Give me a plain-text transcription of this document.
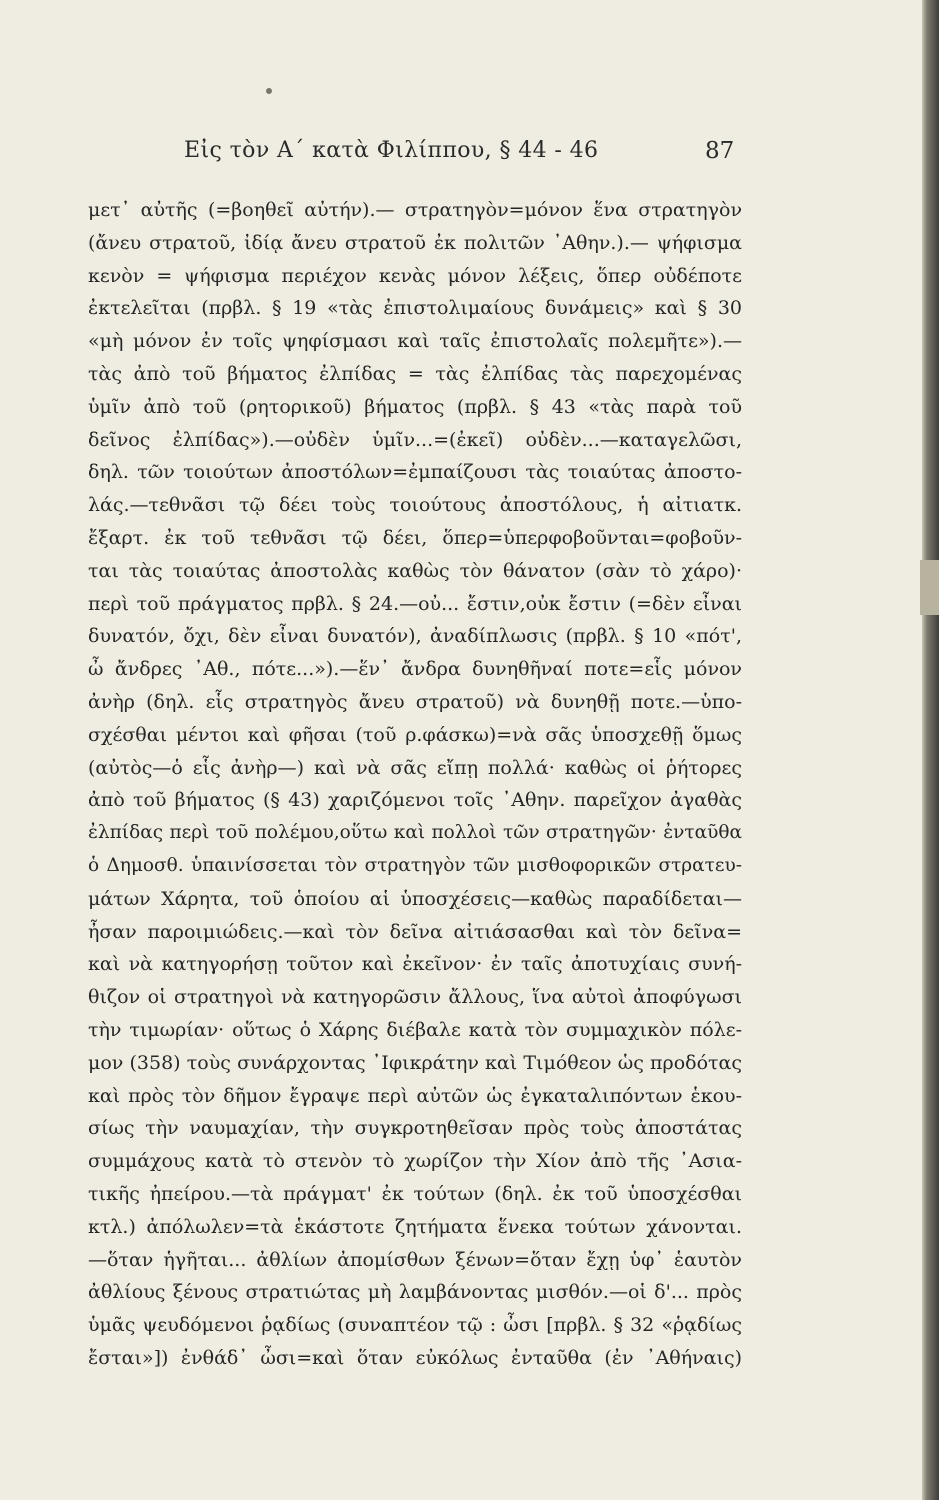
Εἰς τὸν Α΄ κατὰ Φιλίππου, § 44 - 46	87
μετ᾽ αὐτῆς (=βοηθεῖ αὐτήν).— στρατηγὸν=μόνον ἕνα στρατηγὸν
(ἄνευ στρατοῦ, ἰδίᾳ ἄνευ στρατοῦ ἐκ πολιτῶν ᾽Αθην.).— ψήφισμα
κενὸν = ψήφισμα περιέχον κενὰς μόνον λέξεις, ὅπερ οὐδέποτε
ἐκτελεῖται (πρβλ. § 19 «τὰς ἐπιστολιμαίους δυνάμεις» καὶ § 30
«μὴ μόνον ἐν τοῖς ψηφίσμασι καὶ ταῖς ἐπιστολαῖς πολεμῆτε»).—
τὰς ἀπὸ τοῦ βήματος ἐλπίδας = τὰς ἐλπίδας τὰς παρεχομένας
ὑμῖν ἀπὸ τοῦ (ρητορικοῦ) βήματος (πρβλ. § 43 «τὰς παρὰ τοῦ
δεῖνος ἐλπίδας»).—οὐδὲν ὑμῖν...=(ἐκεῖ) οὐδὲν...—καταγελῶσι,
δηλ. τῶν τοιούτων ἀποστόλων=ἐμπαίζουσι τὰς τοιαύτας ἀποστο-
λάς.—τεθνᾶσι τῷ δέει τοὺς τοιούτους ἀποστόλους, ἡ αἰτιατκ.
ἔξαρτ. ἐκ τοῦ τεθνᾶσι τῷ δέει, ὅπερ=ὑπερφοβοῦνται=φοβοῦν-
ται τὰς τοιαύτας ἀποστολὰς καθὼς τὸν θάνατον (σὰν τὸ χάρο)·
περὶ τοῦ πράγματος πρβλ. § 24.—οὐ... ἔστιν,οὐκ ἔστιν (=δὲν εἶναι
δυνατόν, ὄχι, δὲν εἶναι δυνατόν), ἀναδίπλωσις (πρβλ. § 10 «πότ',
ὦ ἄνδρες ᾽Αθ., πότε...»).—ἕν᾽ ἄνδρα δυνηθῆναί ποτε=εἷς μόνον
ἀνὴρ (δηλ. εἷς στρατηγὸς ἄνευ στρατοῦ) νὰ δυνηθῇ ποτε.—ὑπο-
σχέσθαι μέντοι καὶ φῆσαι (τοῦ ρ.φάσκω)=νὰ σᾶς ὑποσχεθῇ ὅμως
(αὐτὸς—ὁ εἷς ἀνὴρ—) καὶ νὰ σᾶς εἴπῃ πολλά· καθὼς οἱ ῥήτορες
ἀπὸ τοῦ βήματος (§ 43) χαριζόμενοι τοῖς ᾽Αθην. παρεῖχον ἀγαθὰς
ἐλπίδας περὶ τοῦ πολέμου,οὕτω καὶ πολλοὶ τῶν στρατηγῶν· ἐνταῦθα
ὁ Δημοσθ. ὑπαινίσσεται τὸν στρατηγὸν τῶν μισθοφορικῶν στρατευ-
μάτων Χάρητα, τοῦ ὁποίου αἱ ὑποσχέσεις—καθὼς παραδίδεται—
ἦσαν παροιμιώδεις.—καὶ τὸν δεῖνα αἰτιάσασθαι καὶ τὸν δεῖνα=
καὶ νὰ κατηγορήσῃ τοῦτον καὶ ἐκεῖνον· ἐν ταῖς ἀποτυχίαις συνή-
θιζον οἱ στρατηγοὶ νὰ κατηγορῶσιν ἄλλους, ἵνα αὐτοὶ ἀποφύγωσι
τὴν τιμωρίαν· οὕτως ὁ Χάρης διέβαλε κατὰ τὸν συμμαχικὸν πόλε-
μον (358) τοὺς συνάρχοντας ᾽Ιφικράτην καὶ Τιμόθεον ὡς προδότας
καὶ πρὸς τὸν δῆμον ἔγραψε περὶ αὐτῶν ὡς ἐγκαταλιπόντων ἑκου-
σίως τὴν ναυμαχίαν, τὴν συγκροτηθεῖσαν πρὸς τοὺς ἀποστάτας
συμμάχους κατὰ τὸ στενὸν τὸ χωρίζον τὴν Χίον ἀπὸ τῆς ᾽Ασια-
τικῆς ἠπείρου.—τὰ πράγματ' ἐκ τούτων (δηλ. ἐκ τοῦ ὑποσχέσθαι
κτλ.) ἀπόλωλεν=τὰ ἑκάστοτε ζητήματα ἕνεκα τούτων χάνονται.
—ὅταν ἡγῆται... ἀθλίων ἀπομίσθων ξένων=ὅταν ἔχῃ ὑφ᾽ ἑαυτὸν
ἀθλίους ξένους στρατιώτας μὴ λαμβάνοντας μισθόν.—οἱ δ'... πρὸς
ὑμᾶς ψευδόμενοι ῥᾳδίως (συναπτέον τῷ : ὦσι [πρβλ. § 32 «ῥᾳδίως
ἔσται»]) ἐνθάδ᾽ ὦσι=καὶ ὅταν εὐκόλως ἐνταῦθα (ἐν ᾽Αθήναις)
